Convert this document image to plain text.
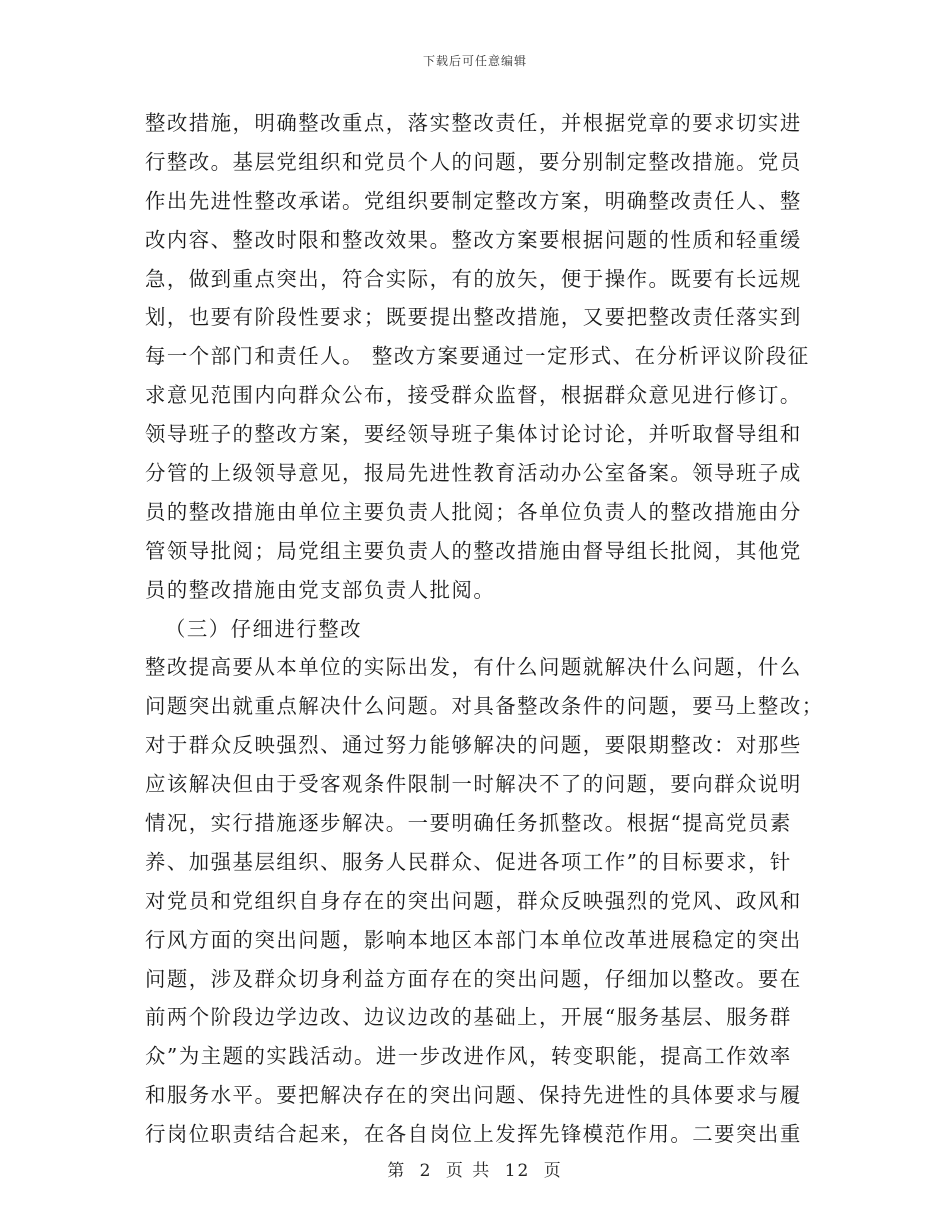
下载后可任意编辑
整改措施，明确整改重点，落实整改责任，并根据党章的要求切实进
行整改。基层党组织和党员个人的问题，要分别制定整改措施。党员
作出先进性整改承诺。党组织要制定整改方案，明确整改责任人、整
改内容、整改时限和整改效果。整改方案要根据问题的性质和轻重缓
急，做到重点突出，符合实际，有的放矢，便于操作。既要有长远规
划，也要有阶段性要求；既要提出整改措施，又要把整改责任落实到
每一个部门和责任人。 整改方案要通过一定形式、在分析评议阶段征
求意见范围内向群众公布，接受群众监督，根据群众意见进行修订。
领导班子的整改方案，要经领导班子集体讨论讨论，并听取督导组和
分管的上级领导意见，报局先进性教育活动办公室备案。领导班子成
员的整改措施由单位主要负责人批阅；各单位负责人的整改措施由分
管领导批阅；局党组主要负责人的整改措施由督导组长批阅，其他党
员的整改措施由党支部负责人批阅。
（三）仔细进行整改
整改提高要从本单位的实际出发，有什么问题就解决什么问题，什么
问题突出就重点解决什么问题。对具备整改条件的问题，要马上整改；
对于群众反映强烈、通过努力能够解决的问题，要限期整改：对那些
应该解决但由于受客观条件限制一时解决不了的问题，要向群众说明
情况，实行措施逐步解决。一要明确任务抓整改。根据“提高党员素
养、加强基层组织、服务人民群众、促进各项工作”的目标要求，针
对党员和党组织自身存在的突出问题，群众反映强烈的党风、政风和
行风方面的突出问题，影响本地区本部门本单位改革进展稳定的突出
问题，涉及群众切身利益方面存在的突出问题，仔细加以整改。要在
前两个阶段边学边改、边议边改的基础上，开展“服务基层、服务群
众”为主题的实践活动。进一步改进作风，转变职能，提高工作效率
和服务水平。要把解决存在的突出问题、保持先进性的具体要求与履
行岗位职责结合起来，在各自岗位上发挥先锋模范作用。二要突出重
第 2 页 共 12 页
